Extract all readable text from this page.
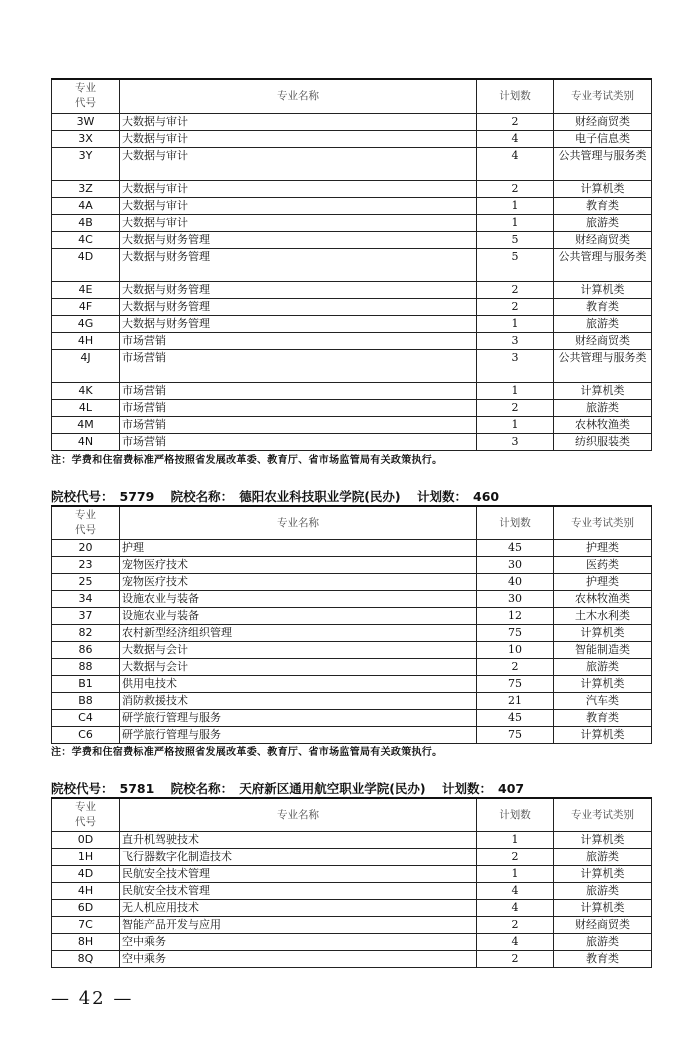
专业
代号	专业名称	计划数	专业考试类别
3W	大数据与审计	2	财经商贸类
3X	大数据与审计	4	电子信息类
3Y	大数据与审计	4	公共管理与服务类
3Z	大数据与审计	2	计算机类
4A	大数据与审计	1	教育类
4B	大数据与审计	1	旅游类
4C	大数据与财务管理	5	财经商贸类
4D	大数据与财务管理	5	公共管理与服务类
4E	大数据与财务管理	2	计算机类
4F	大数据与财务管理	2	教育类
4G	大数据与财务管理	1	旅游类
4H	市场营销	3	财经商贸类
4J	市场营销	3	公共管理与服务类
4K	市场营销	1	计算机类
4L	市场营销	2	旅游类
4M	市场营销	1	农林牧渔类
4N	市场营销	3	纺织服装类
注：学费和住宿费标准严格按照省发展改革委、教育厅、省市场监管局有关政策执行。
院校代号： 5779 院校名称： 德阳农业科技职业学院(民办) 计划数： 460
专业
代号	专业名称	计划数	专业考试类别
20	护理	45	护理类
23	宠物医疗技术	30	医药类
25	宠物医疗技术	40	护理类
34	设施农业与装备	30	农林牧渔类
37	设施农业与装备	12	土木水利类
82	农村新型经济组织管理	75	计算机类
86	大数据与会计	10	智能制造类
88	大数据与会计	2	旅游类
B1	供用电技术	75	计算机类
B8	消防救援技术	21	汽车类
C4	研学旅行管理与服务	45	教育类
C6	研学旅行管理与服务	75	计算机类
注：学费和住宿费标准严格按照省发展改革委、教育厅、省市场监管局有关政策执行。
院校代号： 5781 院校名称： 天府新区通用航空职业学院(民办) 计划数： 407
专业
代号	专业名称	计划数	专业考试类别
0D	直升机驾驶技术	1	计算机类
1H	飞行器数字化制造技术	2	旅游类
4D	民航安全技术管理	1	计算机类
4H	民航安全技术管理	4	旅游类
6D	无人机应用技术	4	计算机类
7C	智能产品开发与应用	2	财经商贸类
8H	空中乘务	4	旅游类
8Q	空中乘务	2	教育类
— 42 —
